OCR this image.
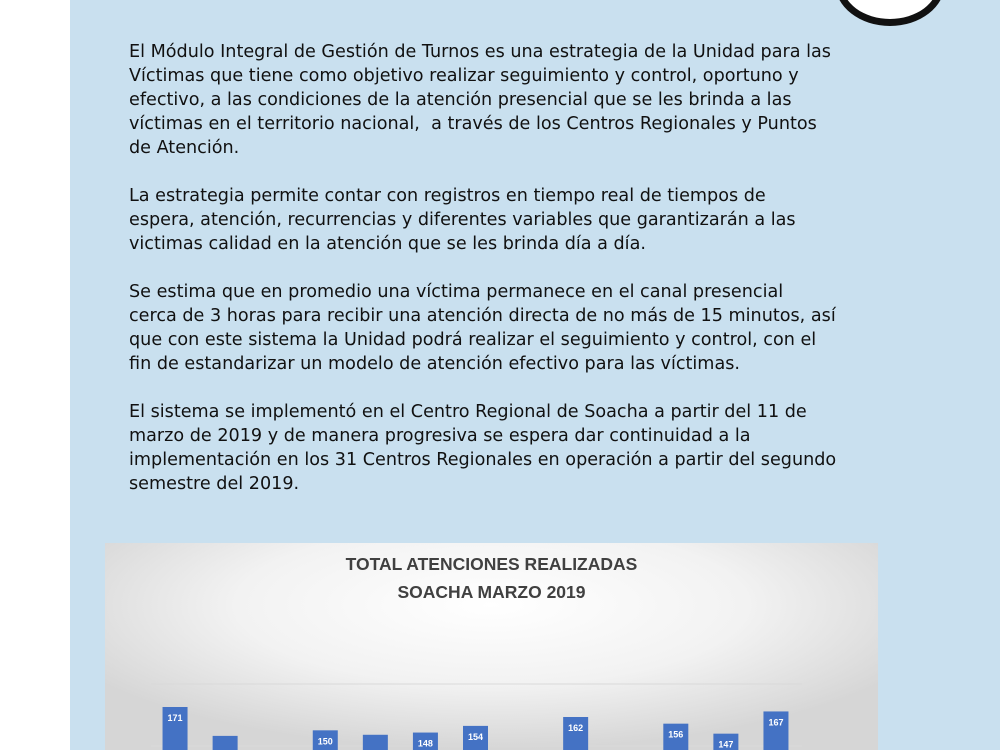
El Módulo Integral de Gestión de Turnos es una estrategia de la Unidad para las
Víctimas que tiene como objetivo realizar seguimiento y control, oportuno y
efectivo, a las condiciones de la atención presencial que se les brinda a las
víctimas en el territorio nacional,  a través de los Centros Regionales y Puntos
de Atención.

La estrategia permite contar con registros en tiempo real de tiempos de
espera, atención, recurrencias y diferentes variables que garantizarán a las
victimas calidad en la atención que se les brinda día a día.

Se estima que en promedio una víctima permanece en el canal presencial
cerca de 3 horas para recibir una atención directa de no más de 15 minutos, así
que con este sistema la Unidad podrá realizar el seguimiento y control, con el
fin de estandarizar un modelo de atención efectivo para las víctimas.

El sistema se implementó en el Centro Regional de Soacha a partir del 11 de
marzo de 2019 y de manera progresiva se espera dar continuidad a la
implementación en los 31 Centros Regionales en operación a partir del segundo
semestre del 2019.

171
150	148
154
162
156
147
167
TOTAL ATENCIONES REALIZADAS
SOACHA MARZO 2019
